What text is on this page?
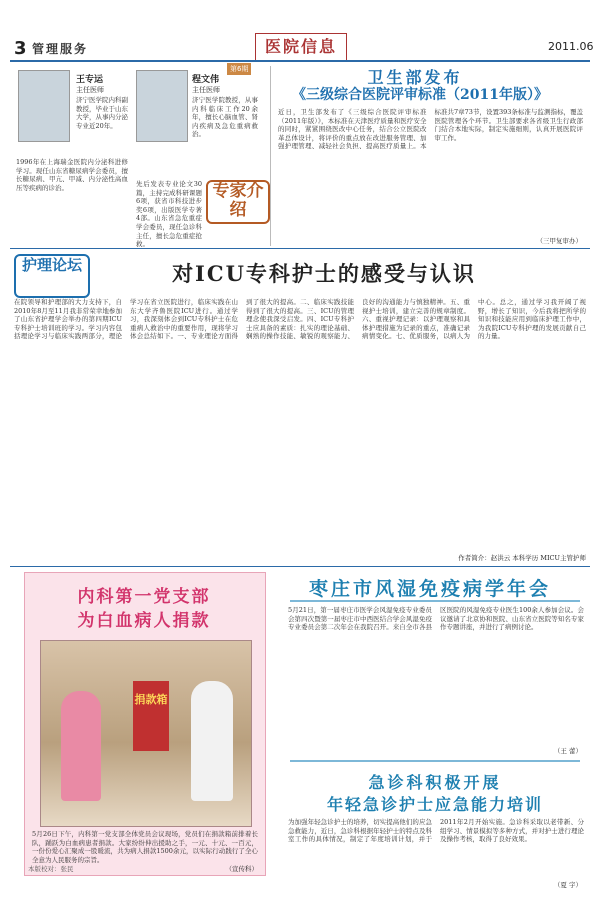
3 管理服务	医院信息	2011.06
王专运
主任医师
济宁医学院内科副教授，毕业于山东大学，从事内分泌专业近20年。
1996年在上海瑞金医院内分泌科进修学习。现任山东省糖尿病学会委员，擅长糖尿病、甲亢、甲减、内分泌性高血压等疾病的诊治。
第6期
程文伟
主任医师
济宁医学院教授，从事内科临床工作20余年，擅长心脑血管、肾内疾病及急危重病救治。
先后发表专业论文30篇，主持完成科研课题6项，获省市科技进步奖6项，出版医学专著4部。山东省急危重症学会委员，现任急诊科主任，擅长急危重症抢救。
专家介绍
卫生部发布
《三级综合医院评审标准（2011年版）》
近日，卫生部发布了《三级综合医院评审标准（2011年版）》，本标准在天津医疗质量和医疗安全的同时，紧紧围绕医改中心任务，结合公立医院改革总体设计，将评价的重点放在改进服务管理、加强护理管理、减轻社会负担、提高医疗质量上。本标准共7章73节，设置393条标准与监测指标，覆盖医院管理各个环节。卫生部要求各省级卫生行政部门结合本地实际，制定实施细则，认真开展医院评审工作。
（三甲复审办）
护理论坛	对ICU专科护士的感受与认识
在院领导和护理部的大力支持下，自2010年8月至11月我非常荣幸地参加了山东省护理学会举办的第四期ICU专科护士培训班的学习。学习内容包括理论学习与临床实践两部分，理论学习在省立医院进行，临床实践在山东大学齐鲁医院ICU进行。通过学习，我深刻体会到ICU专科护士在危重病人救治中的重要作用，现将学习体会总结如下。一、专业理论方面得到了很大的提高。二、临床实践技能得到了很大的提高。三、ICU的管理理念使我深受启发。四、ICU专科护士应具备的素质：扎实的理论基础、娴熟的操作技能、敏锐的观察能力、良好的沟通能力与慎独精神。五、重视护士培训，建立完善的规章制度。六、重视护理记录：以护理观察和具体护理措施为记录的重点，准确记录病情变化。七、优质服务，以病人为中心。总之，通过学习我开阔了视野，增长了知识，今后我将把所学的知识和技能应用到临床护理工作中，为我院ICU专科护理的发展贡献自己的力量。
作者简介：赵洪云 本科学历 MICU主管护师
内科第一党支部
为白血病人捐款
捐款箱
5月26日下午，内科第一党支部全体党员会议现场，党员们在捐款箱前排着长队，踊跃为白血病患者捐款。大家纷纷伸出援助之手，一元、十元、一百元，一份份爱心汇聚成一股暖流，共为病人捐款1500余元，以实际行动践行了全心全意为人民服务的宗旨。
（宣传科）
本版校对：张民
枣庄市风湿免疫病学年会
5月21日，第一届枣庄市医学会风湿免疫专业委员会第四次暨第一届枣庄市中西医结合学会风湿免疫专业委员会第二次年会在我院召开。来自全市各县区医院的风湿免疫专业医生100余人参加会议。会议邀请了北京协和医院、山东省立医院等知名专家作专题讲座，并进行了病例讨论。
（王 蕾）
急诊科积极开展
年轻急诊护士应急能力培训
为加强年轻急诊护士的培养，切实提高他们的应急急救能力，近日，急诊科根据年轻护士的特点及科室工作的具体情况，制定了年度培训计划，并于2011年2月开始实施。急诊科采取以老带新、分组学习、情景模拟等多种方式，并对护士进行理论及操作考核，取得了良好效果。
（夏 宇）
